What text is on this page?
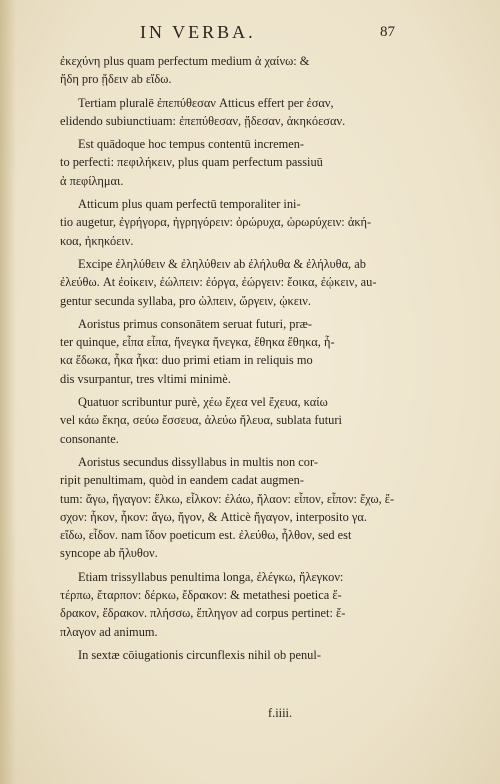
IN VERBA.	87
ἐκεχύνη plus quam perfectum medium ἀ χαίνω: &
ἤδη pro ᾔδειν ab εἴδω.
Tertiam pluralē ἐπεπύθεσαν Atticus effert per ἐσαν,
elidendo subiunctiuam: ἐπεπύθεσαν, ᾔδεσαν, ἀκηκόεσαν.
Est quādoque hoc tempus contentū incremen-
to perfecti: πεφιλήκειν, plus quam perfectum passiuū
ἀ πεφίλημαι.
Atticum plus quam perfectū temporaliter ini-
tio augetur, ἐγρήγορα, ἠγρηγόρειν: ὀρώρυχα, ὠρωρύχειν: ἀκή-
κοα, ἠκηκόειν.
Excipe ἐληλύθειν & ἐληλύθειν ab ἐλήλυθα & ἐλήλυθα, ab
ἐλεύθω. At ἐοίκειν, ἐώλπειν: ἐόργα, ἐώργειν: ἔοικα, ἐῴκειν, au-
gentur secunda syllaba, pro ὠλπειν, ὤργειν, ᾠκειν.
Aoristus primus consonātem seruat futuri, præ-
ter quinque, εἶπα εἶπα, ἤνεγκα ἤνεγκα, ἔθηκα ἔθηκα, ἧ-
κα ἔδωκα, ἧκα ἧκα: duo primi etiam in reliquis mo
dis vsurpantur, tres vltimi minimè.
Quatuor scribuntur purè, χέω ἔχεα vel ἔχευα, καίω
vel κάω ἔκηα, σεύω ἔσσευα, ἀλεύω ἤλευα, sublata futuri
consonante.
Aoristus secundus dissyllabus in multis non cor-
ripit penultimam, quòd in eandem cadat augmen-
tum: ἄγω, ἤγαγον: ἔλκω, εἷλκον: ἐλάω, ἤλαον: εἶπον, εἶπον: ἔχω, ἔ-
σχον: ἧκον, ἧκον: ἄγω, ἤγον, & Atticè ἤγαγον, interposito γα.
εἴδω, εἶδον. nam ἴδον poeticum est. ἐλεύθω, ἦλθον, sed est
syncope ab ἤλυθον.
Etiam trissyllabus penultima longa, ἐλέγκω, ἤλεγκον:
τέρπω, ἔταρπον: δέρκω, ἔδρακον: & metathesi poetica ἔ-
δρακον, ἔδρακον. πλήσσω, ἔπληγον ad corpus pertinet: ἔ-
πλαγον ad animum.
In sextæ cōiugationis circunflexis nihil ob penul-
f.iiii.
